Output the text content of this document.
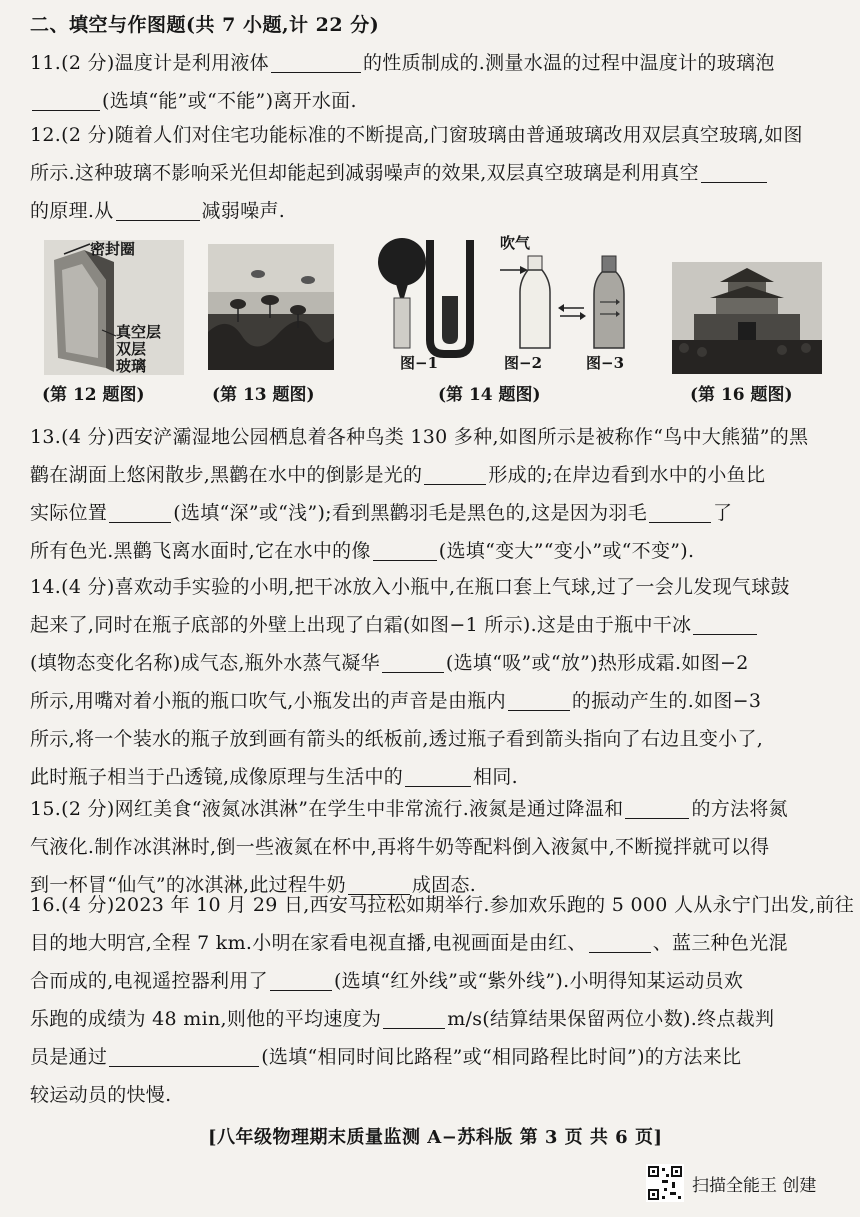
二、填空与作图题(共 7 小题,计 22 分)
11.(2 分)温度计是利用液体	的性质制成的.测量水温的过程中温度计的玻璃泡
(选填“能”或“不能”)离开水面.
12.(2 分)随着人们对住宅功能标准的不断提高,门窗玻璃由普通玻璃改用双层真空玻璃,如图
所示.这种玻璃不影响采光但却能起到减弱噪声的效果,双层真空玻璃是利用真空
的原理.从	减弱噪声.
密封圈
真空层
双层
玻璃
(第 12 题图)	(第 13 题图)
吹气
图−1	图−2	图−3
(第 14 题图)	(第 16 题图)
13.(4 分)西安浐灞湿地公园栖息着各种鸟类 130 多种,如图所示是被称作“鸟中大熊猫”的黑
鹳在湖面上悠闲散步,黑鹳在水中的倒影是光的	形成的;在岸边看到水中的小鱼比
实际位置	(选填“深”或“浅”);看到黑鹳羽毛是黑色的,这是因为羽毛	了
所有色光.黑鹳飞离水面时,它在水中的像	(选填“变大”“变小”或“不变”).
14.(4 分)喜欢动手实验的小明,把干冰放入小瓶中,在瓶口套上气球,过了一会儿发现气球鼓
起来了,同时在瓶子底部的外壁上出现了白霜(如图−1 所示).这是由于瓶中干冰
(填物态变化名称)成气态,瓶外水蒸气凝华	(选填“吸”或“放”)热形成霜.如图−2
所示,用嘴对着小瓶的瓶口吹气,小瓶发出的声音是由瓶内	的振动产生的.如图−3
所示,将一个装水的瓶子放到画有箭头的纸板前,透过瓶子看到箭头指向了右边且变小了,
此时瓶子相当于凸透镜,成像原理与生活中的	相同.
15.(2 分)网红美食“液氮冰淇淋”在学生中非常流行.液氮是通过降温和	的方法将氮
气液化.制作冰淇淋时,倒一些液氮在杯中,再将牛奶等配料倒入液氮中,不断搅拌就可以得
到一杯冒“仙气”的冰淇淋,此过程牛奶	成固态.
16.(4 分)2023 年 10 月 29 日,西安马拉松如期举行.参加欢乐跑的 5 000 人从永宁门出发,前往
目的地大明宫,全程 7 km.小明在家看电视直播,电视画面是由红、	、蓝三种色光混
合而成的,电视遥控器利用了	(选填“红外线”或“紫外线”).小明得知某运动员欢
乐跑的成绩为 48 min,则他的平均速度为	m/s(结算结果保留两位小数).终点裁判
员是通过	(选填“相同时间比路程”或“相同路程比时间”)的方法来比
较运动员的快慢.
[八年级物理期末质量监测 A−苏科版 第 3 页 共 6 页]
扫描全能王 创建
